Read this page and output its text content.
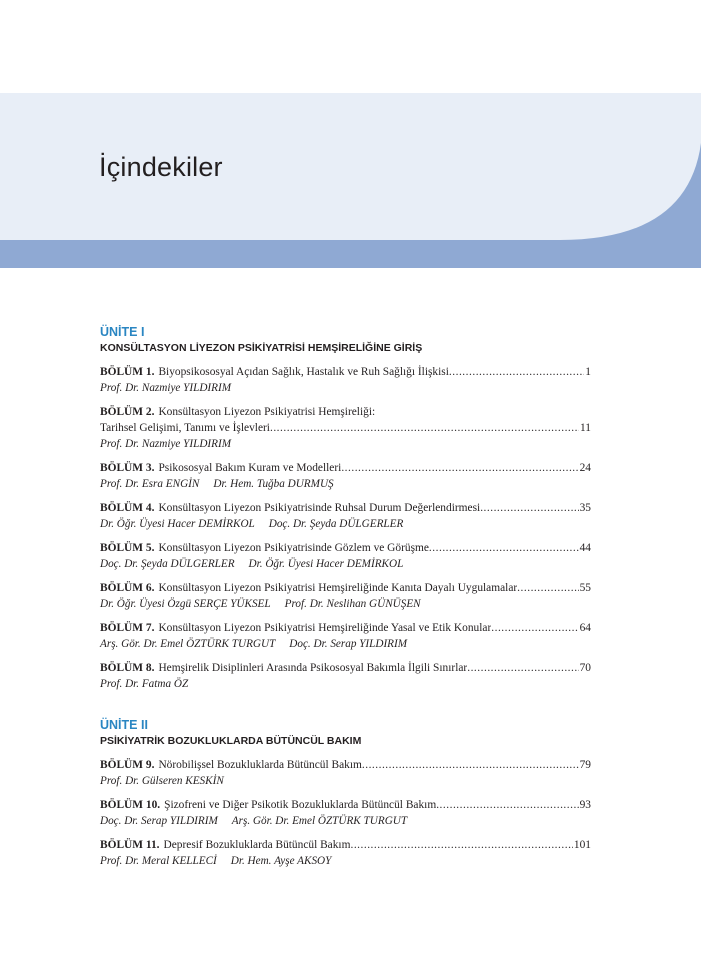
İçindekiler
ÜNİTE I
KONSÜLTASYON LİYEZON PSİKİYATRİSİ HEMŞİRELİĞİNE GİRİŞ
BÖLÜM 1. Biyopsikososyal Açıdan Sağlık, Hastalık ve Ruh Sağlığı İlişkisi .....	1
Prof. Dr. Nazmiye YILDIRIM
BÖLÜM 2. Konsültasyon Liyezon Psikiyatrisi Hemşireliği:
Tarihsel Gelişimi, Tanımı ve İşlevleri .....	11
Prof. Dr. Nazmiye YILDIRIM
BÖLÜM 3. Psikososyal Bakım Kuram ve Modelleri .....	24
Prof. Dr. Esra ENGİN Dr. Hem. Tuğba DURMUŞ
BÖLÜM 4. Konsültasyon Liyezon Psikiyatrisinde Ruhsal Durum Değerlendirmesi .....	35
Dr. Öğr. Üyesi Hacer DEMİRKOL Doç. Dr. Şeyda DÜLGERLER
BÖLÜM 5. Konsültasyon Liyezon Psikiyatrisinde Gözlem ve Görüşme .....	44
Doç. Dr. Şeyda DÜLGERLER Dr. Öğr. Üyesi Hacer DEMİRKOL
BÖLÜM 6. Konsültasyon Liyezon Psikiyatrisi Hemşireliğinde Kanıta Dayalı Uygulamalar .....	55
Dr. Öğr. Üyesi Özgü SERÇE YÜKSEL Prof. Dr. Neslihan GÜNÜŞEN
BÖLÜM 7. Konsültasyon Liyezon Psikiyatrisi Hemşireliğinde Yasal ve Etik Konular .....	64
Arş. Gör. Dr. Emel ÖZTÜRK TURGUT Doç. Dr. Serap YILDIRIM
BÖLÜM 8. Hemşirelik Disiplinleri Arasında Psikososyal Bakımla İlgili Sınırlar .....	70
Prof. Dr. Fatma ÖZ
ÜNİTE II
PSİKİYATRİK BOZUKLUKLARDA BÜTÜNCÜL BAKIM
BÖLÜM 9. Nörobilişsel Bozukluklarda Bütüncül Bakım .....	79
Prof. Dr. Gülseren KESKİN
BÖLÜM 10. Şizofreni ve Diğer Psikotik Bozukluklarda Bütüncül Bakım .....	93
Doç. Dr. Serap YILDIRIM Arş. Gör. Dr. Emel ÖZTÜRK TURGUT
BÖLÜM 11. Depresif Bozukluklarda Bütüncül Bakım .....	101
Prof. Dr. Meral KELLECİ Dr. Hem. Ayşe AKSOY
